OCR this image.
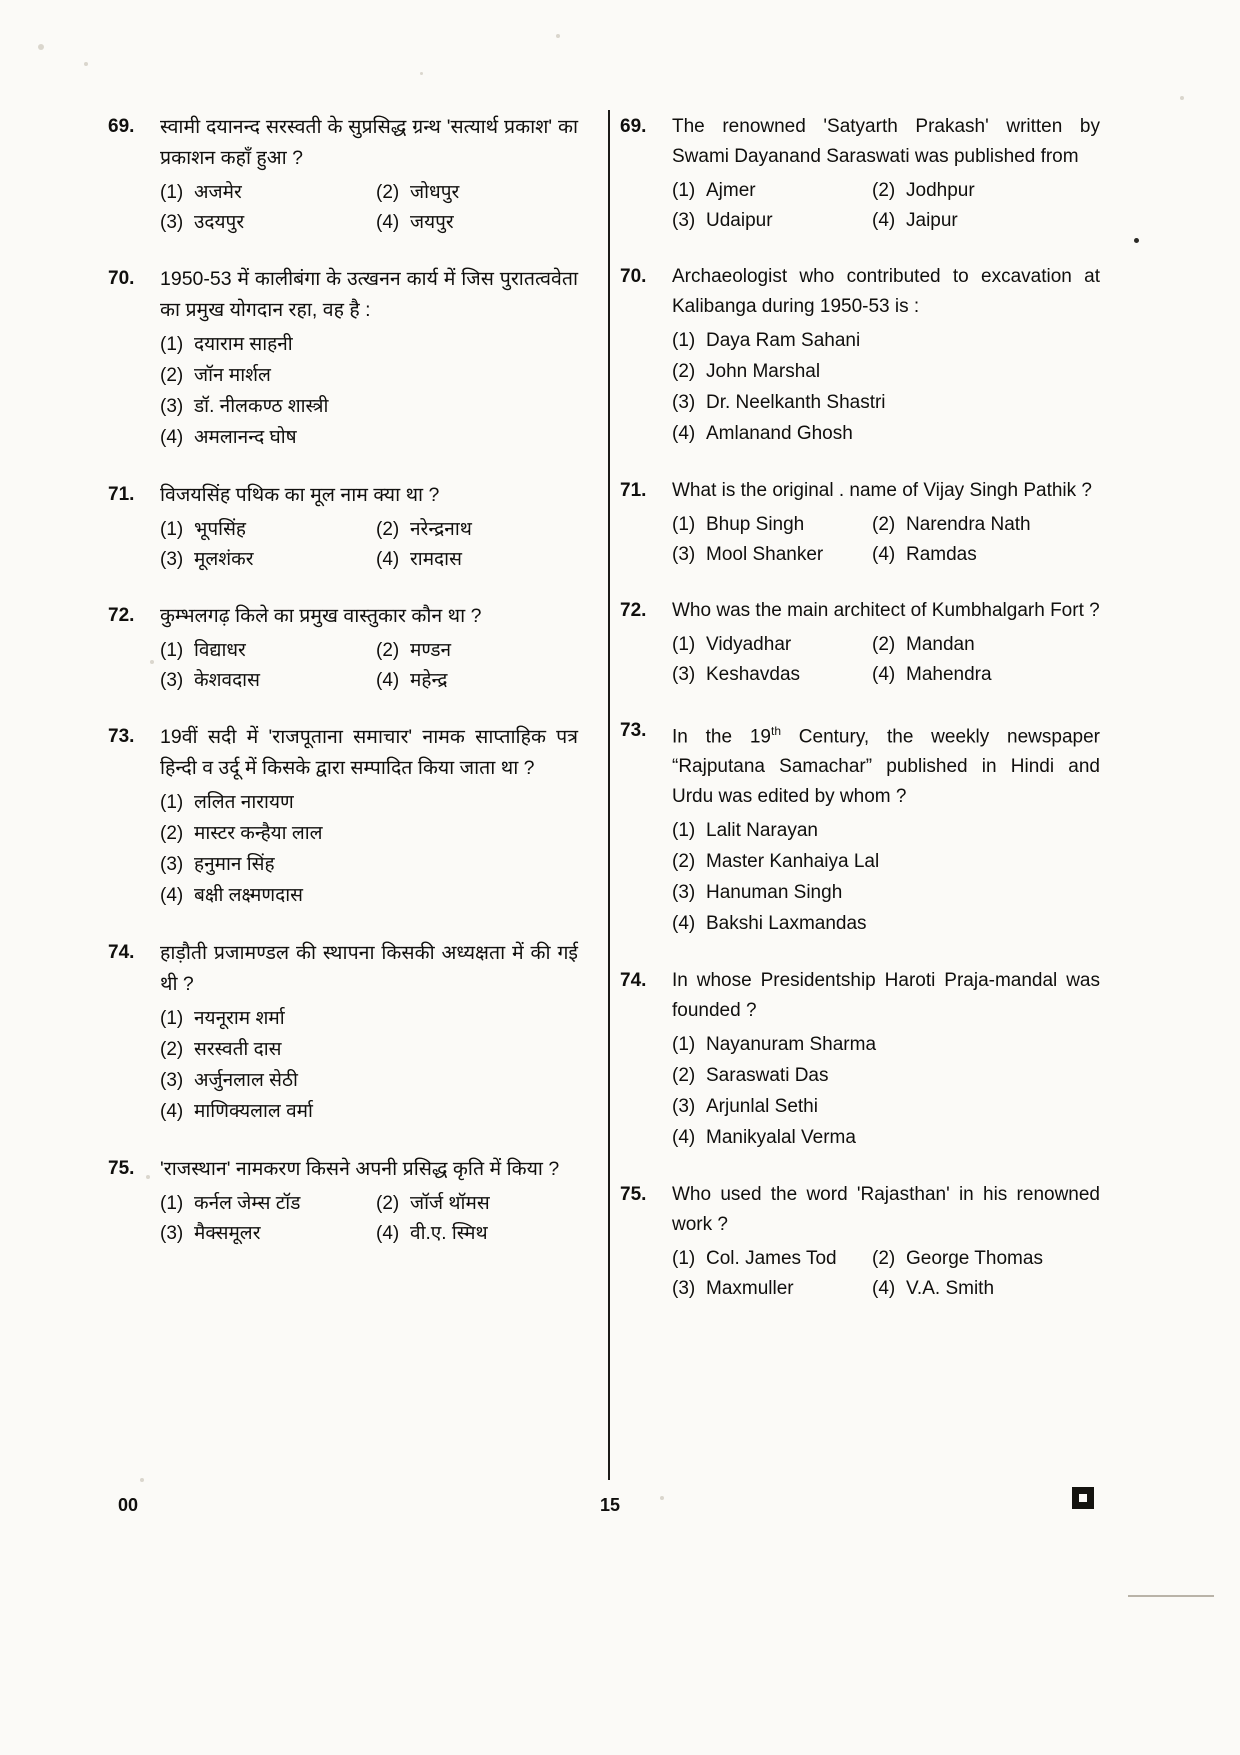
69.	स्वामी दयानन्द सरस्वती के सुप्रसिद्ध ग्रन्थ 'सत्यार्थ प्रकाश' का प्रकाशन कहाँ हुआ ?
(1) अजमेर	(2) जोधपुर
(3) उदयपुर	(4) जयपुर
70.	1950-53 में कालीबंगा के उत्खनन कार्य में जिस पुरातत्ववेता का प्रमुख योगदान रहा, वह है :
(1) दयाराम साहनी
(2) जॉन मार्शल
(3) डॉ. नीलकण्ठ शास्त्री
(4) अमलानन्द घोष
71.	विजयसिंह पथिक का मूल नाम क्या था ?
(1) भूपसिंह	(2) नरेन्द्रनाथ
(3) मूलशंकर	(4) रामदास
72.	कुम्भलगढ़ किले का प्रमुख वास्तुकार कौन था ?
(1) विद्याधर	(2) मण्डन
(3) केशवदास	(4) महेन्द्र
73.	19वीं सदी में 'राजपूताना समाचार' नामक साप्ताहिक पत्र हिन्दी व उर्दू में किसके द्वारा सम्पादित किया जाता था ?
(1) ललित नारायण
(2) मास्टर कन्हैया लाल
(3) हनुमान सिंह
(4) बक्षी लक्ष्मणदास
74.	हाड़ौती प्रजामण्डल की स्थापना किसकी अध्यक्षता में की गई थी ?
(1) नयनूराम शर्मा
(2) सरस्वती दास
(3) अर्जुनलाल सेठी
(4) माणिक्यलाल वर्मा
75.	'राजस्थान' नामकरण किसने अपनी प्रसिद्ध कृति में किया ?
(1) कर्नल जेम्स टॉड	(2) जॉर्ज थॉमस
(3) मैक्समूलर	(4) वी.ए. स्मिथ
69.	The renowned 'Satyarth Prakash' written by Swami Dayanand Saraswati was published from
(1) Ajmer	(2) Jodhpur
(3) Udaipur	(4) Jaipur
70.	Archaeologist who contributed to excavation at Kalibanga during 1950-53 is :
(1) Daya Ram Sahani
(2) John Marshal
(3) Dr. Neelkanth Shastri
(4) Amlanand Ghosh
71.	What is the original . name of Vijay Singh Pathik ?
(1) Bhup Singh	(2) Narendra Nath
(3) Mool Shanker	(4) Ramdas
72.	Who was the main architect of Kumbhalgarh Fort ?
(1) Vidyadhar	(2) Mandan
(3) Keshavdas	(4) Mahendra
73.	In the 19th Century, the weekly newspaper “Rajputana Samachar” published in Hindi and Urdu was edited by whom ?
(1) Lalit Narayan
(2) Master Kanhaiya Lal
(3) Hanuman Singh
(4) Bakshi Laxmandas
74.	In whose Presidentship Haroti Praja-mandal was founded ?
(1) Nayanuram Sharma
(2) Saraswati Das
(3) Arjunlal Sethi
(4) Manikyalal Verma
75.	Who used the word 'Rajasthan' in his renowned work ?
(1) Col. James Tod (2) George Thomas
(3) Maxmuller	(4) V.A. Smith
00	15
